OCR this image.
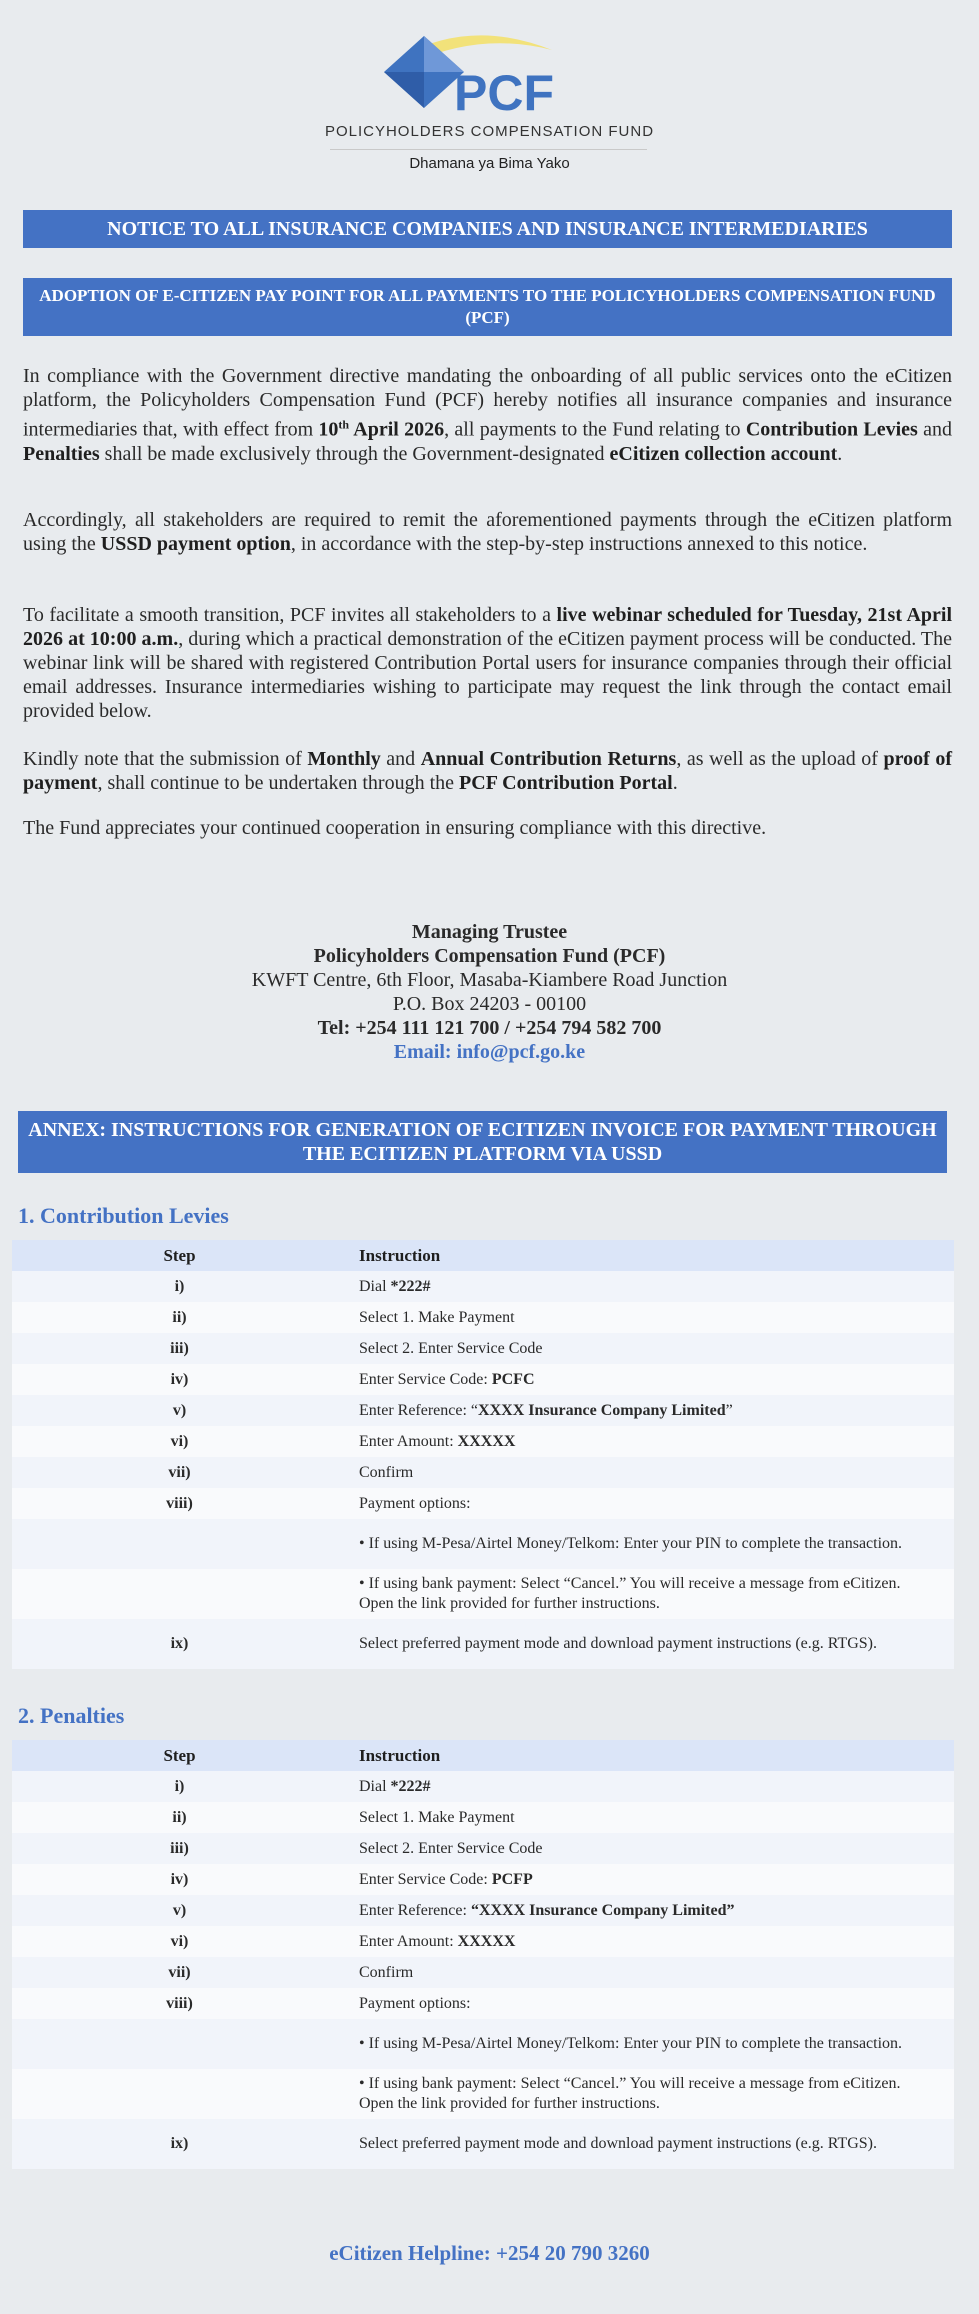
PCF
POLICYHOLDERS COMPENSATION FUND
Dhamana ya Bima Yako
NOTICE TO ALL INSURANCE COMPANIES AND INSURANCE INTERMEDIARIES
ADOPTION OF E-CITIZEN PAY POINT FOR ALL PAYMENTS TO THE POLICYHOLDERS COMPENSATION FUND (PCF)
In compliance with the Government directive mandating the onboarding of all public services onto the eCitizen platform, the Policyholders Compensation Fund (PCF) hereby notifies all insurance companies and insurance intermediaries that, with effect from 10th April 2026, all payments to the Fund relating to Contribution Levies and Penalties shall be made exclusively through the Government-designated eCitizen collection account.
Accordingly, all stakeholders are required to remit the aforementioned payments through the eCitizen platform using the USSD payment option, in accordance with the step-by-step instructions annexed to this notice.
To facilitate a smooth transition, PCF invites all stakeholders to a live webinar scheduled for Tuesday, 21st April 2026 at 10:00 a.m., during which a practical demonstration of the eCitizen payment process will be conducted. The webinar link will be shared with registered Contribution Portal users for insurance companies through their official email addresses. Insurance intermediaries wishing to participate may request the link through the contact email provided below.
Kindly note that the submission of Monthly and Annual Contribution Returns, as well as the upload of proof of payment, shall continue to be undertaken through the PCF Contribution Portal.
The Fund appreciates your continued cooperation in ensuring compliance with this directive.
Managing Trustee
Policyholders Compensation Fund (PCF)
KWFT Centre, 6th Floor, Masaba-Kiambere Road Junction
P.O. Box 24203 - 00100
Tel: +254 111 121 700 / +254 794 582 700
Email: info@pcf.go.ke
ANNEX: INSTRUCTIONS FOR GENERATION OF ECITIZEN INVOICE FOR PAYMENT THROUGH THE ECITIZEN PLATFORM VIA USSD
1. Contribution Levies
Step	Instruction
i)	Dial *222#
ii)	Select 1. Make Payment
iii)	Select 2. Enter Service Code
iv)	Enter Service Code: PCFC
v)	Enter Reference: “XXXX Insurance Company Limited”
vi)	Enter Amount: XXXXX
vii)	Confirm
viii)	Payment options:
	• If using M-Pesa/Airtel Money/Telkom: Enter your PIN to complete the transaction.
	• If using bank payment: Select “Cancel.” You will receive a message from eCitizen. Open the link provided for further instructions.
ix)	Select preferred payment mode and download payment instructions (e.g. RTGS).
2. Penalties
Step	Instruction
i)	Dial *222#
ii)	Select 1. Make Payment
iii)	Select 2. Enter Service Code
iv)	Enter Service Code: PCFP
v)	Enter Reference: “XXXX Insurance Company Limited”
vi)	Enter Amount: XXXXX
vii)	Confirm
viii)	Payment options:
	• If using M-Pesa/Airtel Money/Telkom: Enter your PIN to complete the transaction.
	• If using bank payment: Select “Cancel.” You will receive a message from eCitizen. Open the link provided for further instructions.
ix)	Select preferred payment mode and download payment instructions (e.g. RTGS).
eCitizen Helpline: +254 20 790 3260
